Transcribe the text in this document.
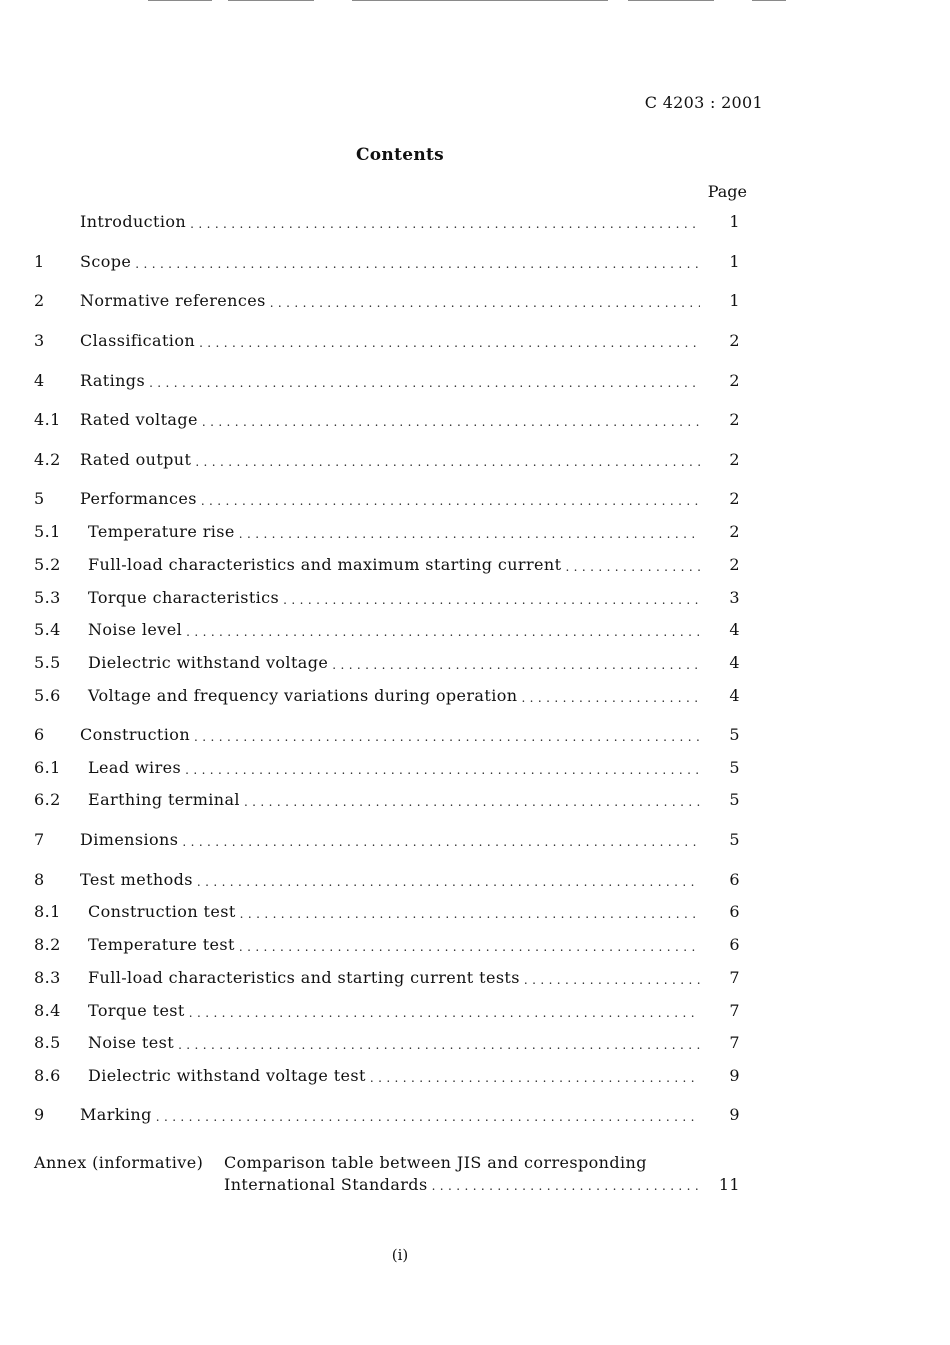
C 4203 : 2001
Contents
Page
Introduction . . .	1
1	Scope . . .	1
2	Normative references . . .	1
3	Classification . . .	2
4	Ratings . . .	2
4.1	Rated voltage . . .	2
4.2	Rated output . . .	2
5	Performances . . .	2
5.1	Temperature rise . . .	2
5.2	Full-load characteristics and maximum starting current . . .	2
5.3	Torque characteristics . . .	3
5.4	Noise level . . .	4
5.5	Dielectric withstand voltage . . .	4
5.6	Voltage and frequency variations during operation . . .	4
6	Construction . . .	5
6.1	Lead wires . . .	5
6.2	Earthing terminal . . .	5
7	Dimensions . . .	5
8	Test methods . . .	6
8.1	Construction test . . .	6
8.2	Temperature test . . .	6
8.3	Full-load characteristics and starting current tests . . .	7
8.4	Torque test . . .	7
8.5	Noise test . . .	7
8.6	Dielectric withstand voltage test . . .	9
9	Marking . . .	9
Annex (informative)	Comparison table between JIS and corresponding
International Standards . . .	11
(i)
